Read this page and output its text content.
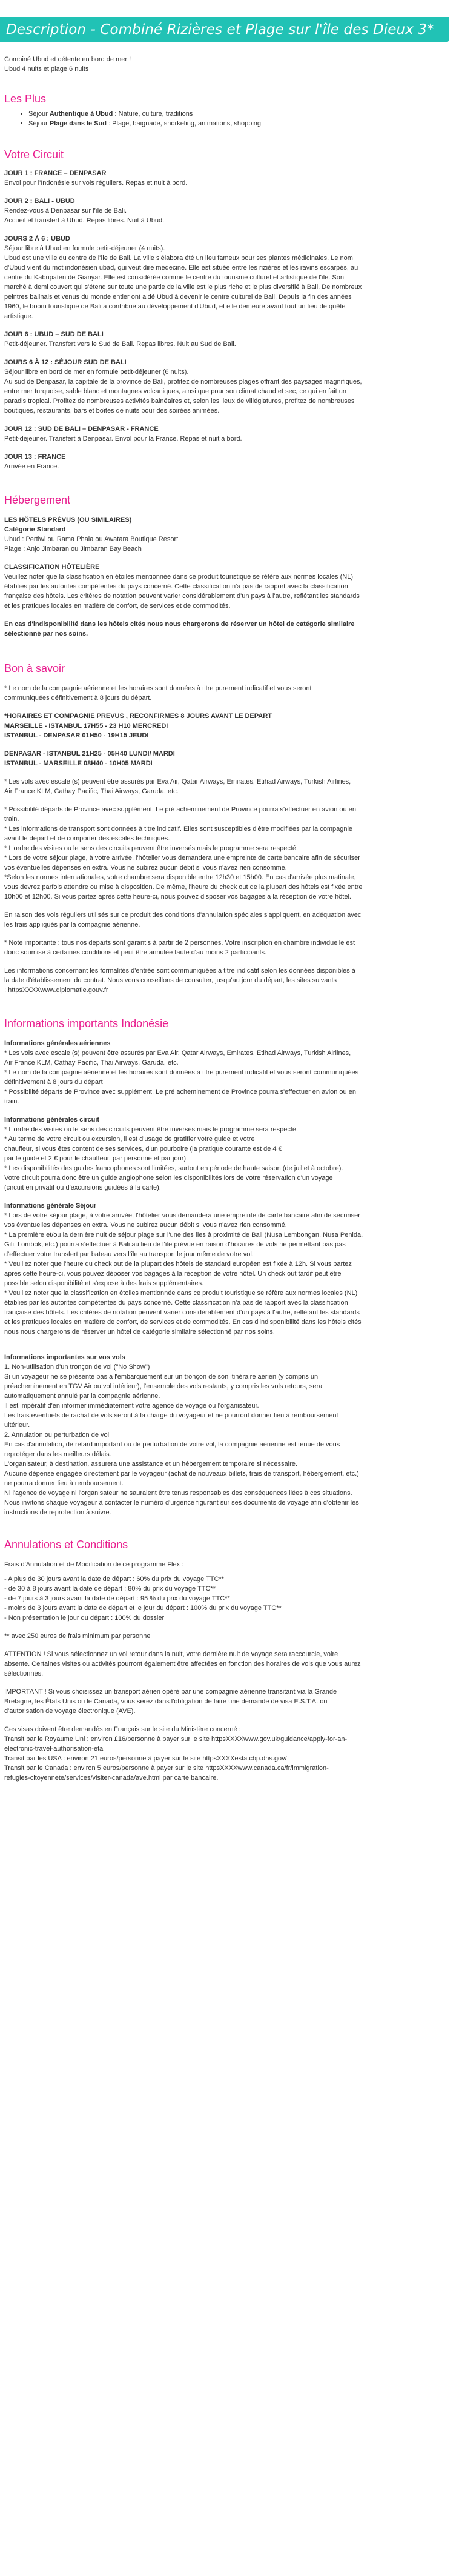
Description - Combiné Rizières et Plage sur l'île des Dieux 3*

Combiné Ubud et détente en bord de mer !

Ubud 4 nuits et plage 6 nuits

Les Plus
• Séjour Authentique à Ubud : Nature, culture, traditions
• Séjour Plage dans le Sud : Plage, baignade, snorkeling, animations, shopping
Votre Circuit

JOUR 1 : FRANCE – DENPASAR

Envol pour l'Indonésie sur vols réguliers. Repas et nuit à bord.

JOUR 2 : BALI - UBUD

Rendez-vous à Denpasar sur l'île de Bali.

Accueil et transfert à Ubud. Repas libres. Nuit à Ubud.

JOURS 2 À 6 : UBUD

Séjour libre à Ubud en formule petit-déjeuner (4 nuits).

Ubud est une ville du centre de l'île de Bali. La ville s'élabora été un lieu fameux pour ses plantes médicinales. Le nom

d'Ubud vient du mot indonésien ubad, qui veut dire médecine. Elle est située entre les rizières et les ravins escarpés, au

centre du Kabupaten de Gianyar. Elle est considérée comme le centre du tourisme culturel et artistique de l'île. Son

marché à demi couvert qui s'étend sur toute une partie de la ville est le plus riche et le plus diversifié à Bali. De nombreux

peintres balinais et venus du monde entier ont aidé Ubud à devenir le centre culturel de Bali. Depuis la fin des années

1960, le boom touristique de Bali a contribué au développement d'Ubud, et elle demeure avant tout un lieu de quête

artistique.

JOUR 6 : UBUD – SUD DE BALI

Petit-déjeuner. Transfert vers le Sud de Bali. Repas libres. Nuit au Sud de Bali.

JOURS 6 À 12 : SÉJOUR SUD DE BALI

Séjour libre en bord de mer en formule petit-déjeuner (6 nuits).

Au sud de Denpasar, la capitale de la province de Bali, profitez de nombreuses plages offrant des paysages magnifiques,

entre mer turquoise, sable blanc et montagnes volcaniques, ainsi que pour son climat chaud et sec, ce qui en fait un

paradis tropical. Profitez de nombreuses activités balnéaires et, selon les lieux de villégiatures, profitez de nombreuses

boutiques, restaurants, bars et boîtes de nuits pour des soirées animées.

JOUR 12 : SUD DE BALI – DENPASAR - FRANCE

Petit-déjeuner. Transfert à Denpasar. Envol pour la France. Repas et nuit à bord.

JOUR 13 : FRANCE

Arrivée en France.

Hébergement

LES HÔTELS PRÉVUS (OU SIMILAIRES)

Catégorie Standard

Ubud : Pertiwi ou Rama Phala ou Awatara Boutique Resort

Plage : Anjo Jimbaran ou Jimbaran Bay Beach

CLASSIFICATION HÔTELIÈRE

Veuillez noter que la classification en étoiles mentionnée dans ce produit touristique se réfère aux normes locales (NL)

établies par les autorités compétentes du pays concerné. Cette classification n'a pas de rapport avec la classification

française des hôtels. Les critères de notation peuvent varier considérablement d'un pays à l'autre, reflétant les standards

et les pratiques locales en matière de confort, de services et de commodités.

En cas d'indisponibilité dans les hôtels cités nous nous chargerons de réserver un hôtel de catégorie similaire

sélectionné par nos soins.

Bon à savoir

* Le nom de la compagnie aérienne et les horaires sont données à titre purement indicatif et vous seront

communiquées définitivement à 8 jours du départ.

*HORAIRES ET COMPAGNIE PREVUS , RECONFIRMES 8 JOURS AVANT LE DEPART

MARSEILLE - ISTANBUL 17H55 - 23 H10 MERCREDI

ISTANBUL - DENPASAR 01H50 - 19H15 JEUDI

DENPASAR - ISTANBUL 21H25 - 05H40 LUNDI/ MARDI

ISTANBUL - MARSEILLE 08H40 - 10H05 MARDI

* Les vols avec escale (s) peuvent être assurés par Eva Air, Qatar Airways, Emirates, Etihad Airways, Turkish Airlines,

Air France KLM, Cathay Pacific, Thai Airways, Garuda, etc.

* Possibilité départs de Province avec supplément. Le pré acheminement de Province pourra s'effectuer en avion ou en

train.

* Les informations de transport sont données à titre indicatif. Elles sont susceptibles d'être modifiées par la compagnie

avant le départ et de comporter des escales techniques.

* L'ordre des visites ou le sens des circuits peuvent être inversés mais le programme sera respecté.

* Lors de votre séjour plage, à votre arrivée, l'hôtelier vous demandera une empreinte de carte bancaire afin de sécuriser

vos éventuelles dépenses en extra. Vous ne subirez aucun débit si vous n'avez rien consommé.

*Selon les normes internationales, votre chambre sera disponible entre 12h30 et 15h00. En cas d'arrivée plus matinale,

vous devrez parfois attendre ou mise à disposition. De même, l'heure du check out de la plupart des hôtels est fixée entre

10h00 et 12h00. Si vous partez après cette heure-ci, nous pouvez disposer vos bagages à la réception de votre hôtel.

En raison des vols réguliers utilisés sur ce produit des conditions d'annulation spéciales s'appliquent, en adéquation avec

les frais appliqués par la compagnie aérienne.

* Note importante : tous nos départs sont garantis à partir de 2 personnes. Votre inscription en chambre individuelle est

donc soumise à certaines conditions et peut être annulée faute d'au moins 2 participants.

Les informations concernant les formalités d'entrée sont communiquées à titre indicatif selon les données disponibles à

la date d'établissement du contrat. Nous vous conseillons de consulter, jusqu'au jour du départ, les sites suivants

: httpsXXXXwww.diplomatie.gouv.fr

Informations importants Indonésie

Informations générales aériennes

* Les vols avec escale (s) peuvent être assurés par Eva Air, Qatar Airways, Emirates, Etihad Airways, Turkish Airlines,

Air France KLM, Cathay Pacific, Thai Airways, Garuda, etc.

* Le nom de la compagnie aérienne et les horaires sont données à titre purement indicatif et vous seront communiquées

définitivement à 8 jours du départ

* Possibilité départs de Province avec supplément. Le pré acheminement de Province pourra s'effectuer en avion ou en

train.

Informations générales circuit

* L'ordre des visites ou le sens des circuits peuvent être inversés mais le programme sera respecté.

* Au terme de votre circuit ou excursion, il est d'usage de gratifier votre guide et votre

chauffeur, si vous êtes content de ses services, d'un pourboire (la pratique courante est de 4 €

par le guide et 2 € pour le chauffeur, par personne et par jour).

* Les disponibilités des guides francophones sont limitées, surtout en période de haute saison (de juillet à octobre).

Votre circuit pourra donc être un guide anglophone selon les disponibilités lors de votre réservation d'un voyage

(circuit en privatif ou d'excursions guidées à la carte).

Informations générale Séjour

* Lors de votre séjour plage, à votre arrivée, l'hôtelier vous demandera une empreinte de carte bancaire afin de sécuriser

vos éventuelles dépenses en extra. Vous ne subirez aucun débit si vous n'avez rien consommé.

* La première et/ou la dernière nuit de séjour plage sur l'une des îles à proximité de Bali (Nusa Lembongan, Nusa Penida,

Gili, Lombok, etc.) pourra s'effectuer à Bali au lieu de l'île prévue en raison d'horaires de vols ne permettant pas pas

d'effectuer votre transfert par bateau vers l'île au transport le jour même de votre vol.

* Veuillez noter que l'heure du check out de la plupart des hôtels de standard européen est fixée à 12h. Si vous partez

après cette heure-ci, vous pouvez déposer vos bagages à la réception de votre hôtel. Un check out tardif peut être

possible selon disponibilité et s'expose à des frais supplémentaires.

* Veuillez noter que la classification en étoiles mentionnée dans ce produit touristique se réfère aux normes locales (NL)

établies par les autorités compétentes du pays concerné. Cette classification n'a pas de rapport avec la classification

française des hôtels. Les critères de notation peuvent varier considérablement d'un pays à l'autre, reflétant les standards

et les pratiques locales en matière de confort, de services et de commodités. En cas d'indisponibilité dans les hôtels cités

nous nous chargerons de réserver un hôtel de catégorie similaire sélectionné par nos soins.

Informations importantes sur vos vols

1. Non-utilisation d'un tronçon de vol ("No Show")

Si un voyageur ne se présente pas à l'embarquement sur un tronçon de son itinéraire aérien (y compris un

préacheminement en TGV Air ou vol intérieur), l'ensemble des vols restants, y compris les vols retours, sera

automatiquement annulé par la compagnie aérienne.

Il est impératif d'en informer immédiatement votre agence de voyage ou l'organisateur.

Les frais éventuels de rachat de vols seront à la charge du voyageur et ne pourront donner lieu à remboursement

ultérieur.

2. Annulation ou perturbation de vol

En cas d'annulation, de retard important ou de perturbation de votre vol, la compagnie aérienne est tenue de vous

reprotéger dans les meilleurs délais.

L'organisateur, à destination, assurera une assistance et un hébergement temporaire si nécessaire.

Aucune dépense engagée directement par le voyageur (achat de nouveaux billets, frais de transport, hébergement, etc.)

ne pourra donner lieu à remboursement.

Ni l'agence de voyage ni l'organisateur ne sauraient être tenus responsables des conséquences liées à ces situations.

Nous invitons chaque voyageur à contacter le numéro d'urgence figurant sur ses documents de voyage afin d'obtenir les

instructions de reprotection à suivre.

Annulations et Conditions

Frais d'Annulation et de Modification de ce programme Flex :

- A plus de 30 jours avant la date de départ : 60% du prix du voyage TTC**

- de 30 à 8 jours avant la date de départ : 80% du prix du voyage TTC**

- de 7 jours à 3 jours avant la date de départ : 95 % du prix du voyage TTC**

- moins de 3 jours avant la date de départ et le jour du départ : 100% du prix du voyage TTC**

- Non présentation le jour du départ : 100% du dossier

** avec 250 euros de frais minimum par personne

ATTENTION ! Si vous sélectionnez un vol retour dans la nuit, votre dernière nuit de voyage sera raccourcie, voire

absente. Certaines visites ou activités pourront également être affectées en fonction des horaires de vols que vous aurez

sélectionnés.

IMPORTANT ! Si vous choisissez un transport aérien opéré par une compagnie aérienne transitant via la Grande

Bretagne, les États Unis ou le Canada, vous serez dans l'obligation de faire une demande de visa E.S.T.A. ou

d'autorisation de voyage électronique (AVE).

Ces visas doivent être demandés en Français sur le site du Ministère concerné :

Transit par le Royaume Uni : environ £16/personne à payer sur le site httpsXXXXwww.gov.uk/guidance/apply-for-an-

electronic-travel-authorisation-eta

Transit par les USA : environ 21 euros/personne à payer sur le site httpsXXXXesta.cbp.dhs.gov/

Transit par le Canada : environ 5 euros/personne à payer sur le site httpsXXXXwww.canada.ca/fr/immigration-

refugies-citoyennete/services/visiter-canada/ave.html par carte bancaire.
